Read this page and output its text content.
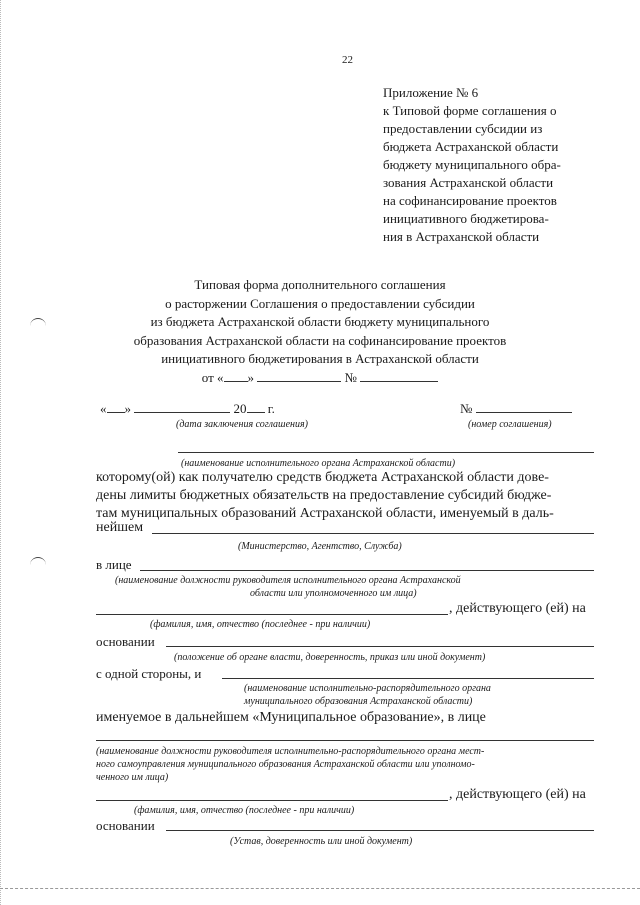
22
Приложение № 6
к Типовой форме соглашения о
предоставлении субсидии из
бюджета Астраханской области
бюджету муниципального обра-
зования Астраханской области
на софинансирование проектов
инициативного бюджетирова-
ния в Астраханской области
Типовая форма дополнительного соглашения
о расторжении Соглашения о предоставлении субсидии
из бюджета Астраханской области бюджету муниципального
образования Астраханской области на софинансирование проектов
инициативного бюджетирования в Астраханской области
от « »	№
« »	20 г.	№
(дата заключения соглашения)	(номер соглашения)
(наименование исполнительного органа Астраханской области)
которому(ой) как получателю средств бюджета Астраханской области дове-
дены лимиты бюджетных обязательств на предоставление субсидий бюдже-
там муниципальных образований Астраханской области, именуемый в даль-
нейшем
(Министерство, Агентство, Служба)
в лице
(наименование должности руководителя исполнительного органа Астраханской
области или уполномоченного им лица)
, действующего (ей) на
(фамилия, имя, отчество (последнее - при наличии)
основании
(положение об органе власти, доверенность, приказ или иной документ)
с одной стороны, и
(наименование исполнительно-распорядительного органа
муниципального образования Астраханской области)
именуемое в дальнейшем «Муниципальное образование», в лице
(наименование должности руководителя исполнительно-распорядительного органа мест-
ного самоуправления муниципального образования Астраханской области или уполномо-
ченного им лица)
, действующего (ей) на
(фамилия, имя, отчество (последнее - при наличии)
основании
(Устав, доверенность или иной документ)
